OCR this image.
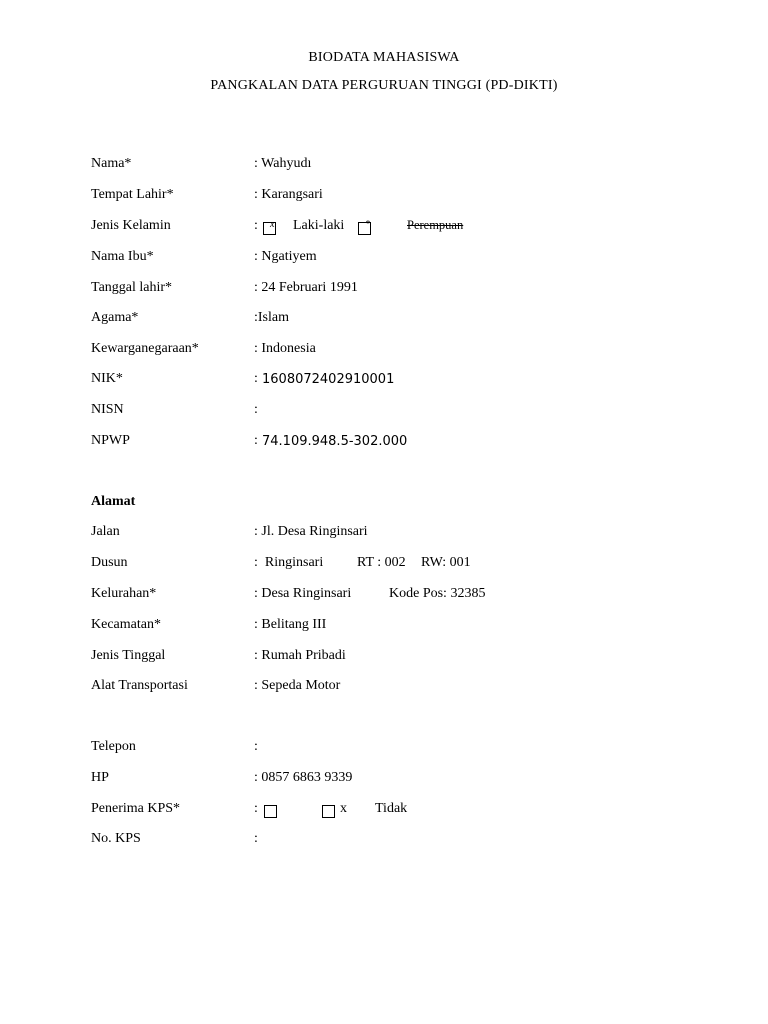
BIODATA MAHASISWA
PANGKALAN DATA PERGURUAN TINGGI (PD-DIKTI)
Nama*	: Wahyudı
Tempat Lahir*	: Karangsari
Jenis Kelamin	: x Laki-laki *	Perempuan
Nama Ibu*	: Ngatiyem
Tanggal lahir*	: 24 Februari 1991
Agama*	:Islam
Kewarganegaraan*	: Indonesia
NIK*	: 1608072402910001
NISN	:
NPWP	: 74.109.948.5-302.000
Alamat
Jalan	: Jl. Desa Ringinsari
Dusun	:  Ringinsari RT : 002 RW: 001
Kelurahan*	: Desa Ringinsari	Kode Pos: 32385
Kecamatan*	: Belitang III
Jenis Tinggal	: Rumah Pribadi
Alat Transportasi	: Sepeda Motor
Telepon	:
HP	: 0857 6863 9339
Penerima KPS*	:	x Tidak
No. KPS	:
